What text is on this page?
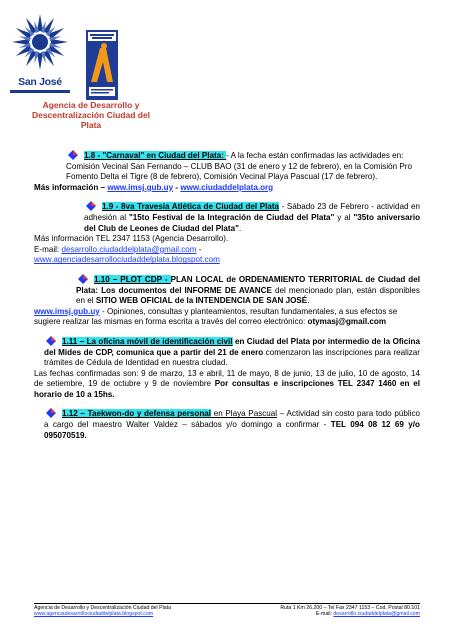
San José
Agencia de Desarrollo y
Descentralización Ciudad del Plata
1.8 - "Carnaval" en Ciudad del Plata: - A la fecha están confirmadas las actividades en: Comisión Vecinal San Fernando – CLUB BAO (31 de enero y 12 de febrero), en la Comisión Pro Fomento Delta el Tigre (8 de febrero), Comisión Vecinal Playa Pascual (17 de febrero).
Más información – www.imsj.gub.uy - www.ciudaddelplata.org
1.9 - 8va Travesía Atlética de Ciudad del Plata - Sábado 23 de Febrero - actividad en adhesión al "15to Festival de la Integración de Ciudad del Plata" y al "35to aniversario del Club de Leones de Ciudad del Plata".
Más información TEL 2347 1153 (Agencia Desarrollo).
E-mail: desarrollo.ciudaddelplata@gmail.com -
www.agenciadesarrollociudaddelplata.blogspot.com
1.10 – PLOT CDP - PLAN LOCAL de ORDENAMIENTO TERRITORIAL de Ciudad del Plata: Los documentos del INFORME DE AVANCE del mencionado plan, están disponibles en el SITIO WEB OFICIAL de la INTENDENCIA DE SAN JOSÉ.
www.imsj.gub.uy - Opiniones, consultas y planteamientos, resultan fundamentales, a sus efectos se sugiere realizar las mismas en forma escrita a través del correo electrónico: otymasj@gmail.com
1.11 – La oficina móvil de identificación civil en Ciudad del Plata por intermedio de la Oficina del Mides de CDP, comunica que a partir del 21 de enero comenzaron las inscripciones para realizar trámites de Cédula de Identidad en nuestra ciudad.
Las fechas confirmadas son: 9 de marzo, 13 e abril, 11 de mayo, 8 de junio, 13 de julio, 10 de agosto, 14 de setiembre, 19 de octubre y 9 de noviembre Por consultas e inscripciones TEL 2347 1460 en el horario de 10 a 15hs.
1.12 – Taekwon-do y defensa personal en Playa Pascual – Actividad sin costo para todo público a cargo del maestro Walter Valdez – sábados y/o domingo a confirmar - TEL 094 08 12 69 y/o 095070519.
Agencia de Desarrollo y Descentralización Ciudad del Plata
www.agenciadesarrollociudaddelplata.blogspot.com
Ruta 1 Km 26.200 – Tel Fax 2347 1153 – Cod. Postal 80.101
E-mail: desarrollo.ciudaddelplata@gmail.com
